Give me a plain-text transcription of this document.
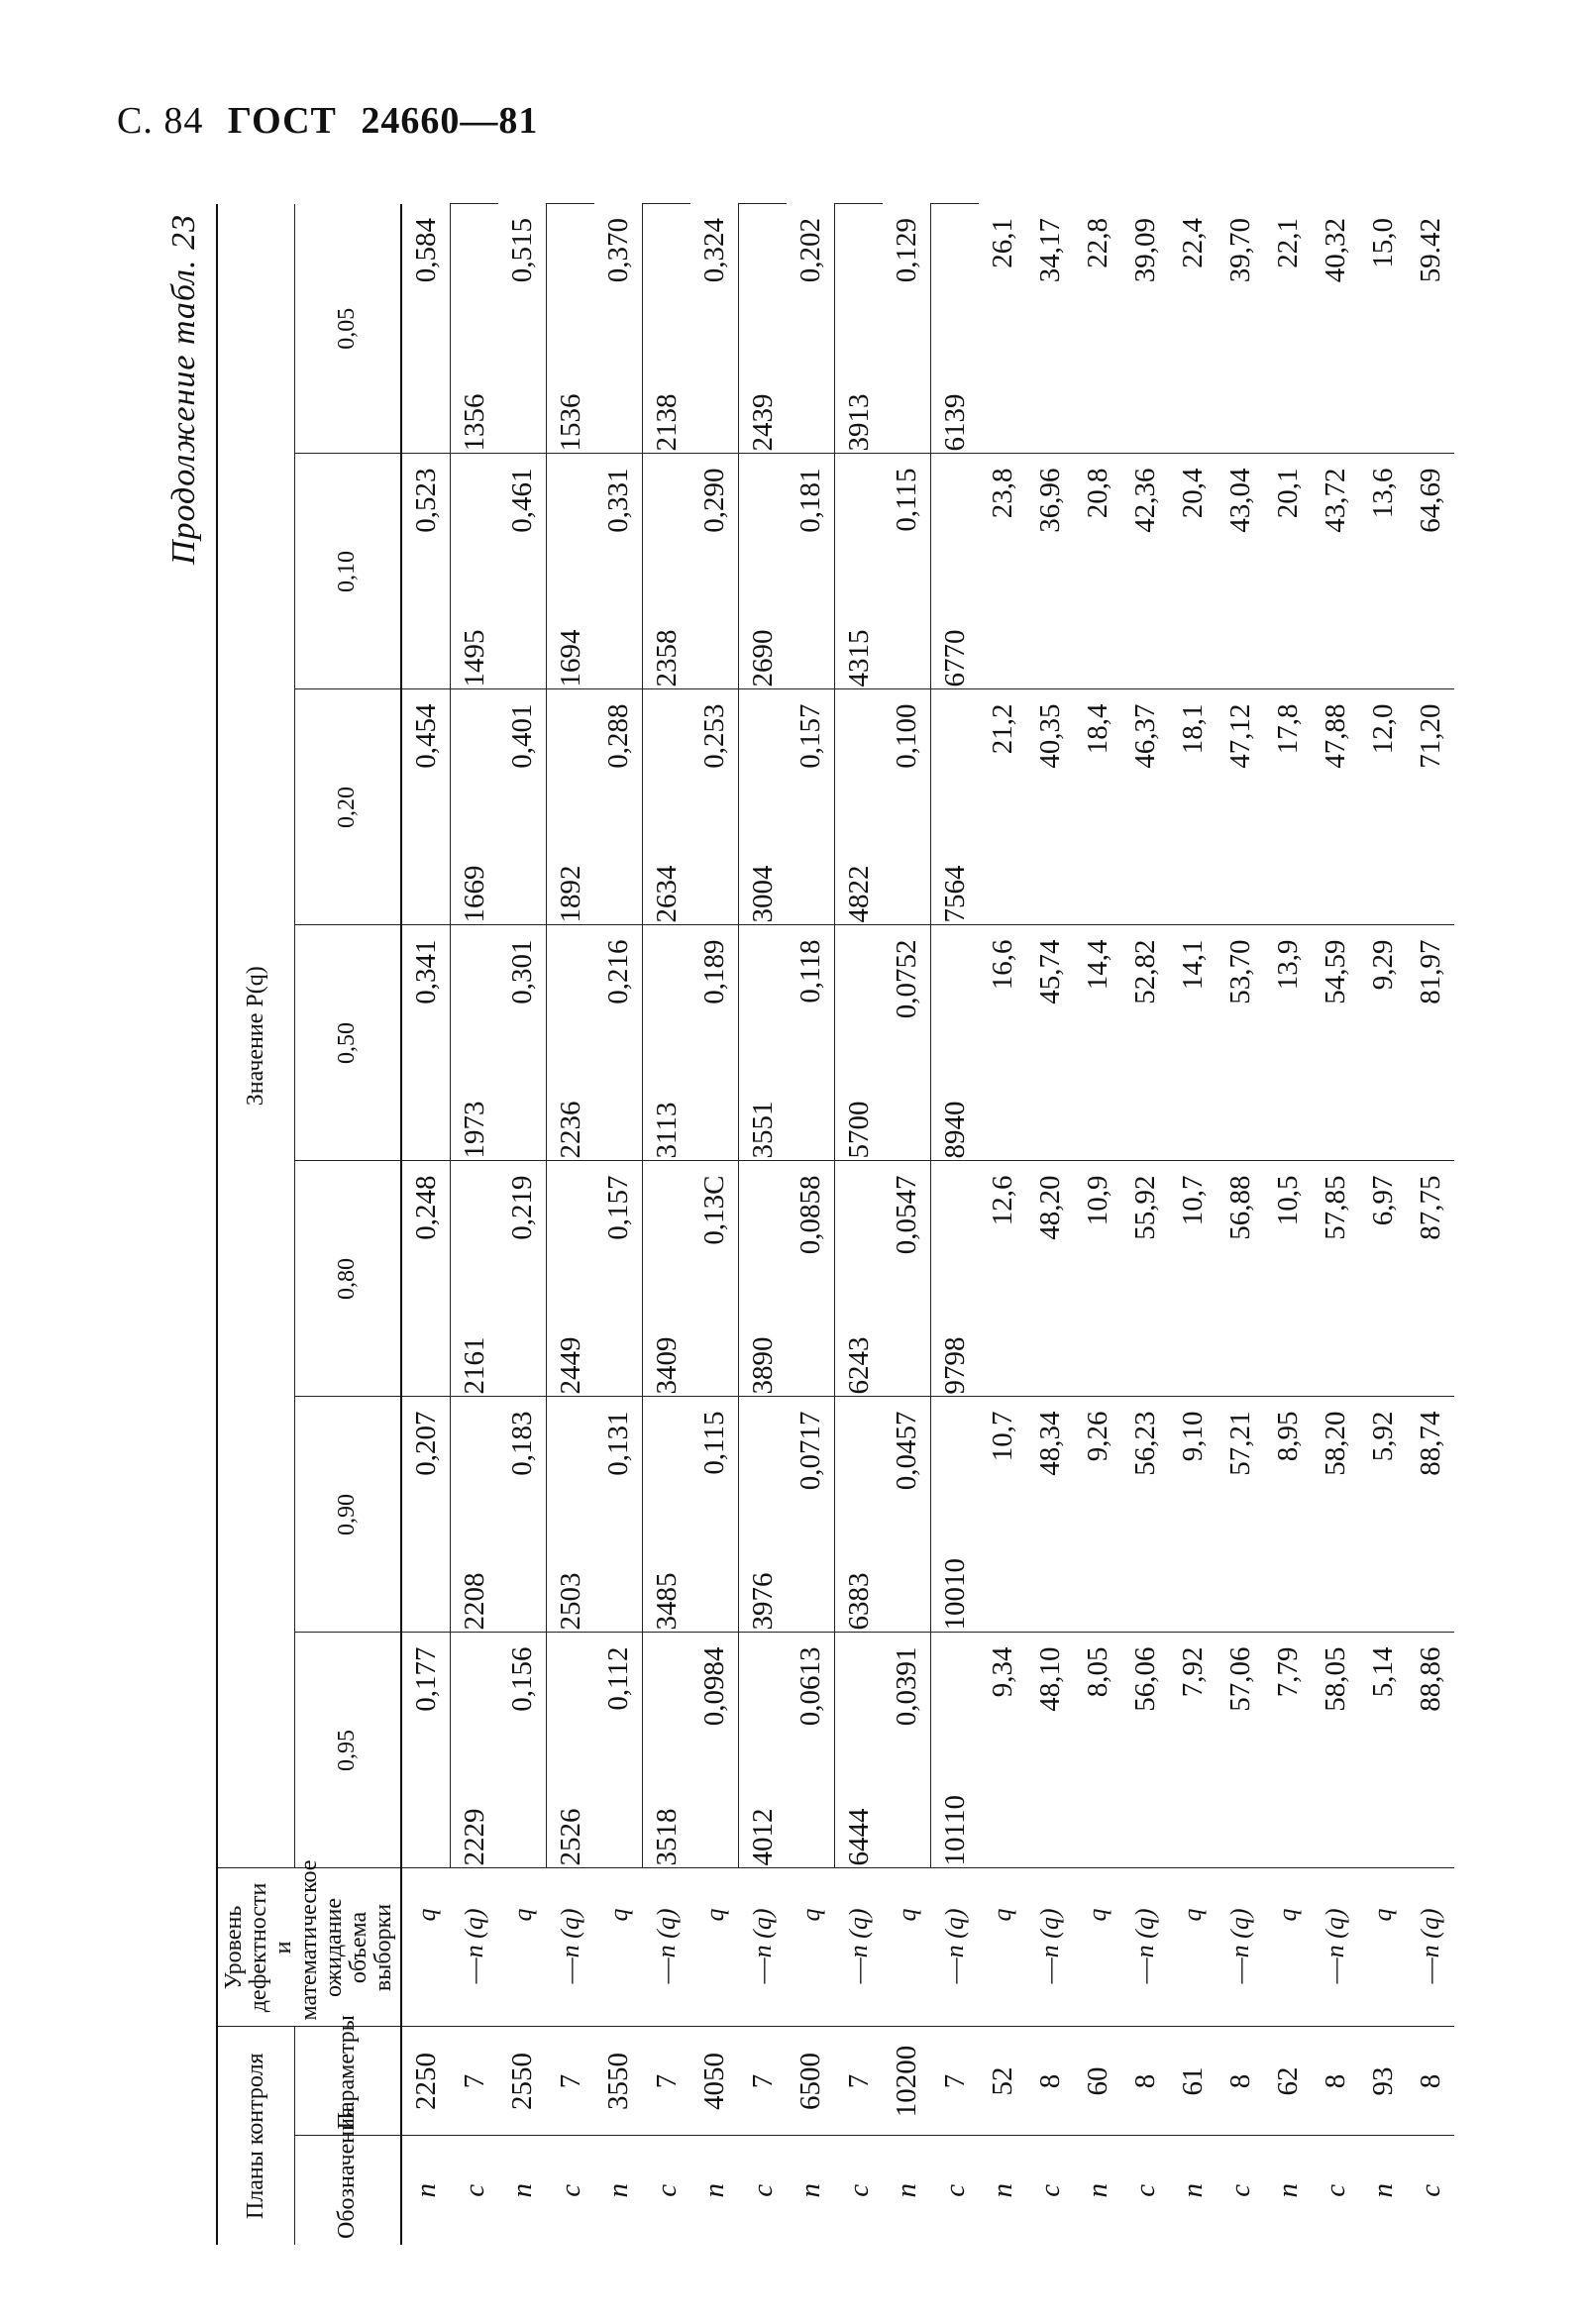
С. 84 ГОСТ 24660—81
Продолжение табл. 23
Планы контроля		Уровень дефектности и математическое ожидание объема выборки	Значение P(q)						
Обозначения	Параметры		0,95	0,90	0,80	0,50	0,20	0,10	0,05
n	2250	q	0,177	0,207	0,248	0,341	0,454	0,523	0,584
c	7	—n (q)	2229	2208	2161	1973	1669	1495	1356
n	2550	q	0,156	0,183	0,219	0,301	0,401	0,461	0,515
c	7	—n (q)	2526	2503	2449	2236	1892	1694	1536
n	3550	q	0,112	0,131	0,157	0,216	0,288	0,331	0,370
c	7	—n (q)	3518	3485	3409	3113	2634	2358	2138
n	4050	q	0,0984	0,115	0,13С	0,189	0,253	0,290	0,324
c	7	—n (q)	4012	3976	3890	3551	3004	2690	2439
n	6500	q	0,0613	0,0717	0,0858	0,118	0,157	0,181	0,202
c	7	—n (q)	6444	6383	6243	5700	4822	4315	3913
n	10200	q	0,0391	0,0457	0,0547	0,0752	0,100	0,115	0,129
c	7	—n (q)	10110	10010	9798	8940	7564	6770	6139
n	52	q	9,34	10,7	12,6	16,6	21,2	23,8	26,1
c	8	—n (q)	48,10	48,34	48,20	45,74	40,35	36,96	34,17
n	60	q	8,05	9,26	10,9	14,4	18,4	20,8	22,8
c	8	—n (q)	56,06	56,23	55,92	52,82	46,37	42,36	39,09
n	61	q	7,92	9,10	10,7	14,1	18,1	20,4	22,4
c	8	—n (q)	57,06	57,21	56,88	53,70	47,12	43,04	39,70
n	62	q	7,79	8,95	10,5	13,9	17,8	20,1	22,1
c	8	—n (q)	58,05	58,20	57,85	54,59	47,88	43,72	40,32
n	93	q	5,14	5,92	6,97	9,29	12,0	13,6	15,0
c	8	—n (q)	88,86	88,74	87,75	81,97	71,20	64,69	59.42
